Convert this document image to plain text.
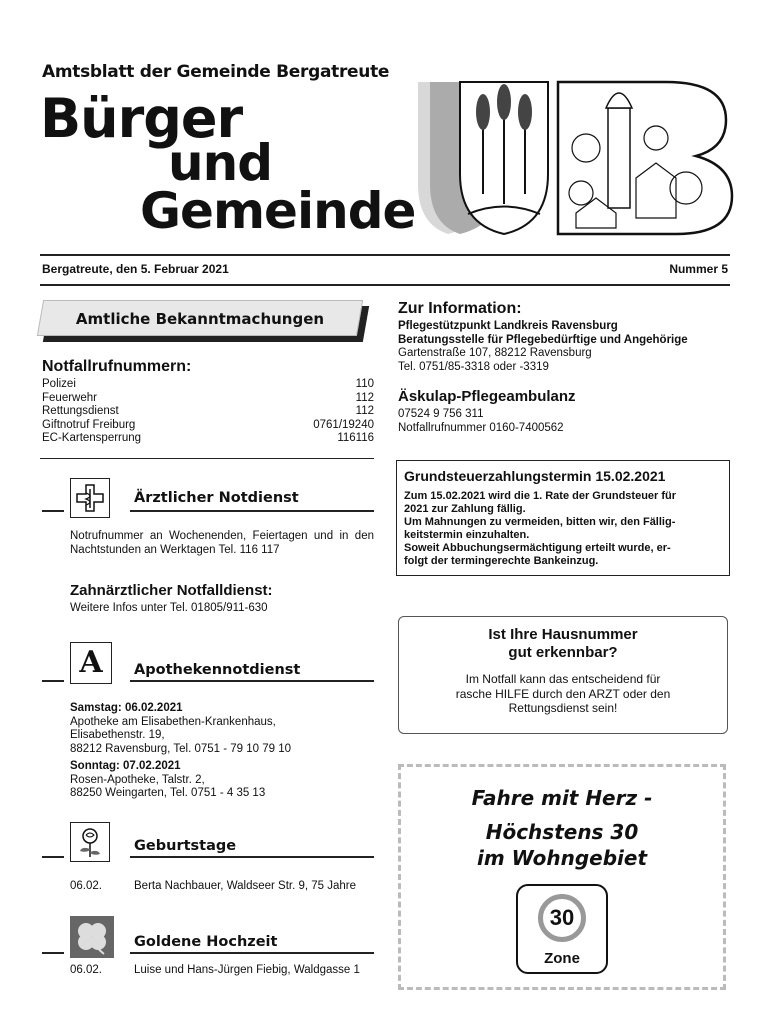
Amtsblatt der Gemeinde Bergatreute
Bürger
und
Gemeinde
Bergatreute, den 5. Februar 2021	Nummer 5
Amtliche Bekanntmachungen
Notfallrufnummern:
Polizei	110
Feuerwehr	112
Rettungsdienst	112
Giftnotruf Freiburg	0761/19240
EC-Kartensperrung	116116
Ärztlicher Notdienst
Notrufnummer an Wochenenden, Feiertagen und in den Nachtstunden an Werktagen Tel. 116 117
Zahnärztlicher Notfalldienst:
Weitere Infos unter Tel. 01805/911-630
A Apothekennotdienst
Samstag: 06.02.2021
Apotheke am Elisabethen-Krankenhaus,
Elisabethenstr. 19,
88212 Ravensburg, Tel. 0751 - 79 10 79 10
Sonntag: 07.02.2021
Rosen-Apotheke, Talstr. 2,
88250 Weingarten, Tel. 0751 - 4 35 13
Geburtstage
06.02.	Berta Nachbauer, Waldseer Str. 9, 75 Jahre
Goldene Hochzeit
06.02.	Luise und Hans-Jürgen Fiebig, Waldgasse 1
Zur Information:
Pflegestützpunkt Landkreis Ravensburg
Beratungsstelle für Pflegebedürftige und Angehörige
Gartenstraße 107, 88212 Ravensburg
Tel. 0751/85-3318 oder -3319
Äskulap-Pflegeambulanz
07524 9 756 311
Notfallrufnummer 0160-7400562
Grundsteuerzahlungstermin 15.02.2021
Zum 15.02.2021 wird die 1. Rate der Grundsteuer für
2021 zur Zahlung fällig.
Um Mahnungen zu vermeiden, bitten wir, den Fällig-
keitstermin einzuhalten.
Soweit Abbuchungsermächtigung erteilt wurde, er-
folgt der termingerechte Bankeinzug.
Ist Ihre Hausnummer
gut erkennbar?
Im Notfall kann das entscheidend für
rasche HILFE durch den ARZT oder den
Rettungsdienst sein!
Fahre mit Herz -
Höchstens 30
im Wohngebiet
30
Zone
